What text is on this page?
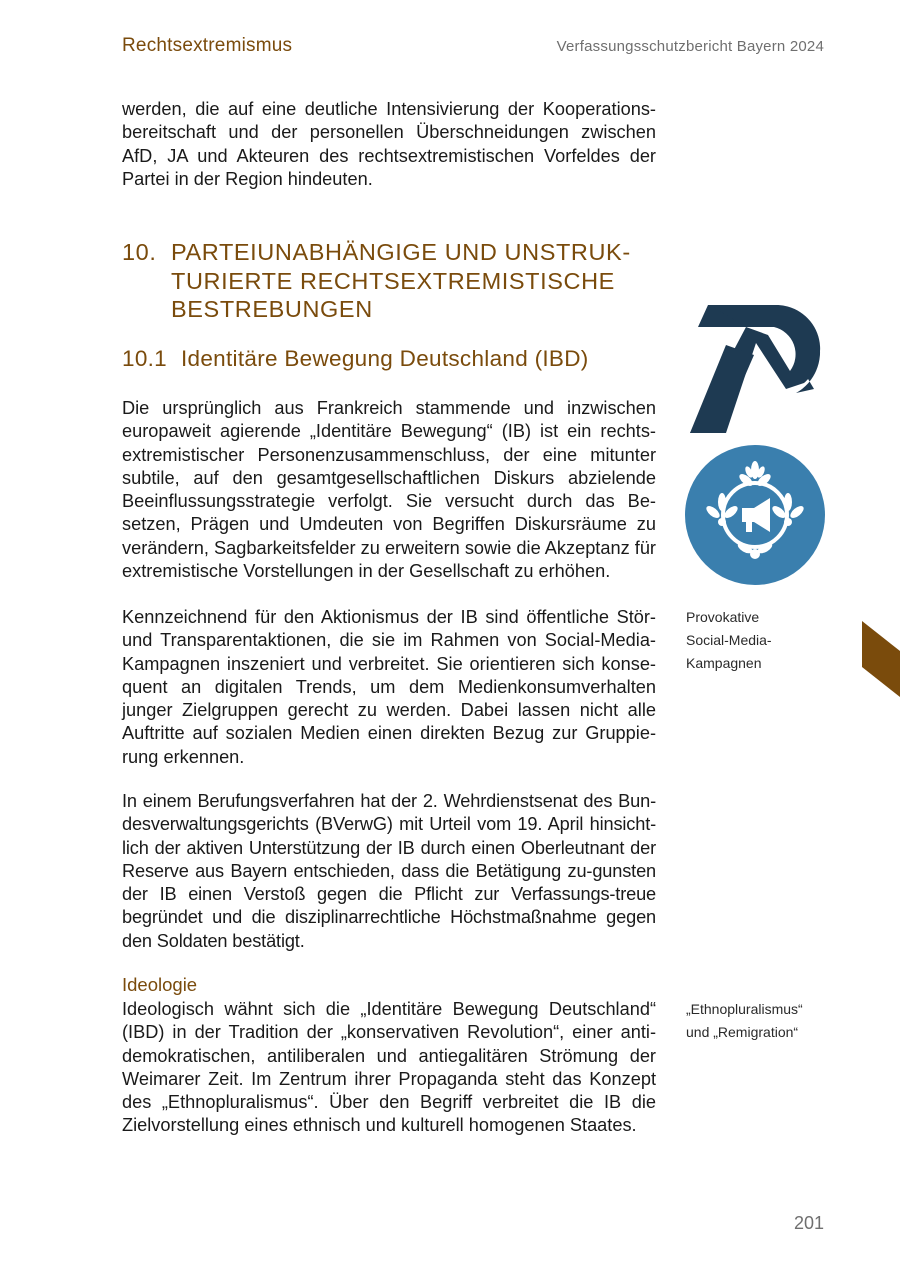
Rechtsextremismus	Verfassungsschutzbericht Bayern 2024

werden, die auf eine deutliche Intensivierung der Kooperations-bereitschaft und der personellen Überschneidungen zwischen AfD, JA und Akteuren des rechtsextremistischen Vorfeldes der Partei in der Region hindeuten.

10. PARTEIUNABHÄNGIGE UND UNSTRUK-TURIERTE RECHTSEXTREMISTISCHE BESTREBUNGEN
10.1 Identitäre Bewegung Deutschland (IBD)

Die ursprünglich aus Frankreich stammende und inzwischen europaweit agierende „Identitäre Bewegung“ (IB) ist ein rechts-extremistischer Personenzusammenschluss, der eine mitunter subtile, auf den gesamtgesellschaftlichen Diskurs abzielende Beeinflussungsstrategie verfolgt. Sie versucht durch das Be-setzen, Prägen und Umdeuten von Begriffen Diskursräume zu verändern, Sagbarkeitsfelder zu erweitern sowie die Akzeptanz für extremistische Vorstellungen in der Gesellschaft zu erhöhen.

Kennzeichnend für den Aktionismus der IB sind öffentliche Stör- und Transparentaktionen, die sie im Rahmen von Social-Media-Kampagnen inszeniert und verbreitet. Sie orientieren sich konse-quent an digitalen Trends, um dem Medienkonsumverhalten junger Zielgruppen gerecht zu werden. Dabei lassen nicht alle Auftritte auf sozialen Medien einen direkten Bezug zur Gruppie-rung erkennen.

In einem Berufungsverfahren hat der 2. Wehrdienstsenat des Bun-desverwaltungsgerichts (BVerwG) mit Urteil vom 19. April hinsicht-lich der aktiven Unterstützung der IB durch einen Oberleutnant der Reserve aus Bayern entschieden, dass die Betätigung zu-gunsten der IB einen Verstoß gegen die Pflicht zur Verfassungs-treue begründet und die disziplinarrechtliche Höchstmaßnahme gegen den Soldaten bestätigt.

Ideologie

Ideologisch wähnt sich die „Identitäre Bewegung Deutschland“ (IBD) in der Tradition der „konservativen Revolution“, einer anti-demokratischen, antiliberalen und antiegalitären Strömung der Weimarer Zeit. Im Zentrum ihrer Propaganda steht das Konzept des „Ethnopluralismus“. Über den Begriff verbreitet die IB die Zielvorstellung eines ethnisch und kulturell homogenen Staates.

Provokative
Social-Media-
Kampagnen
„Ethnopluralismus“
und „Remigration“
201
